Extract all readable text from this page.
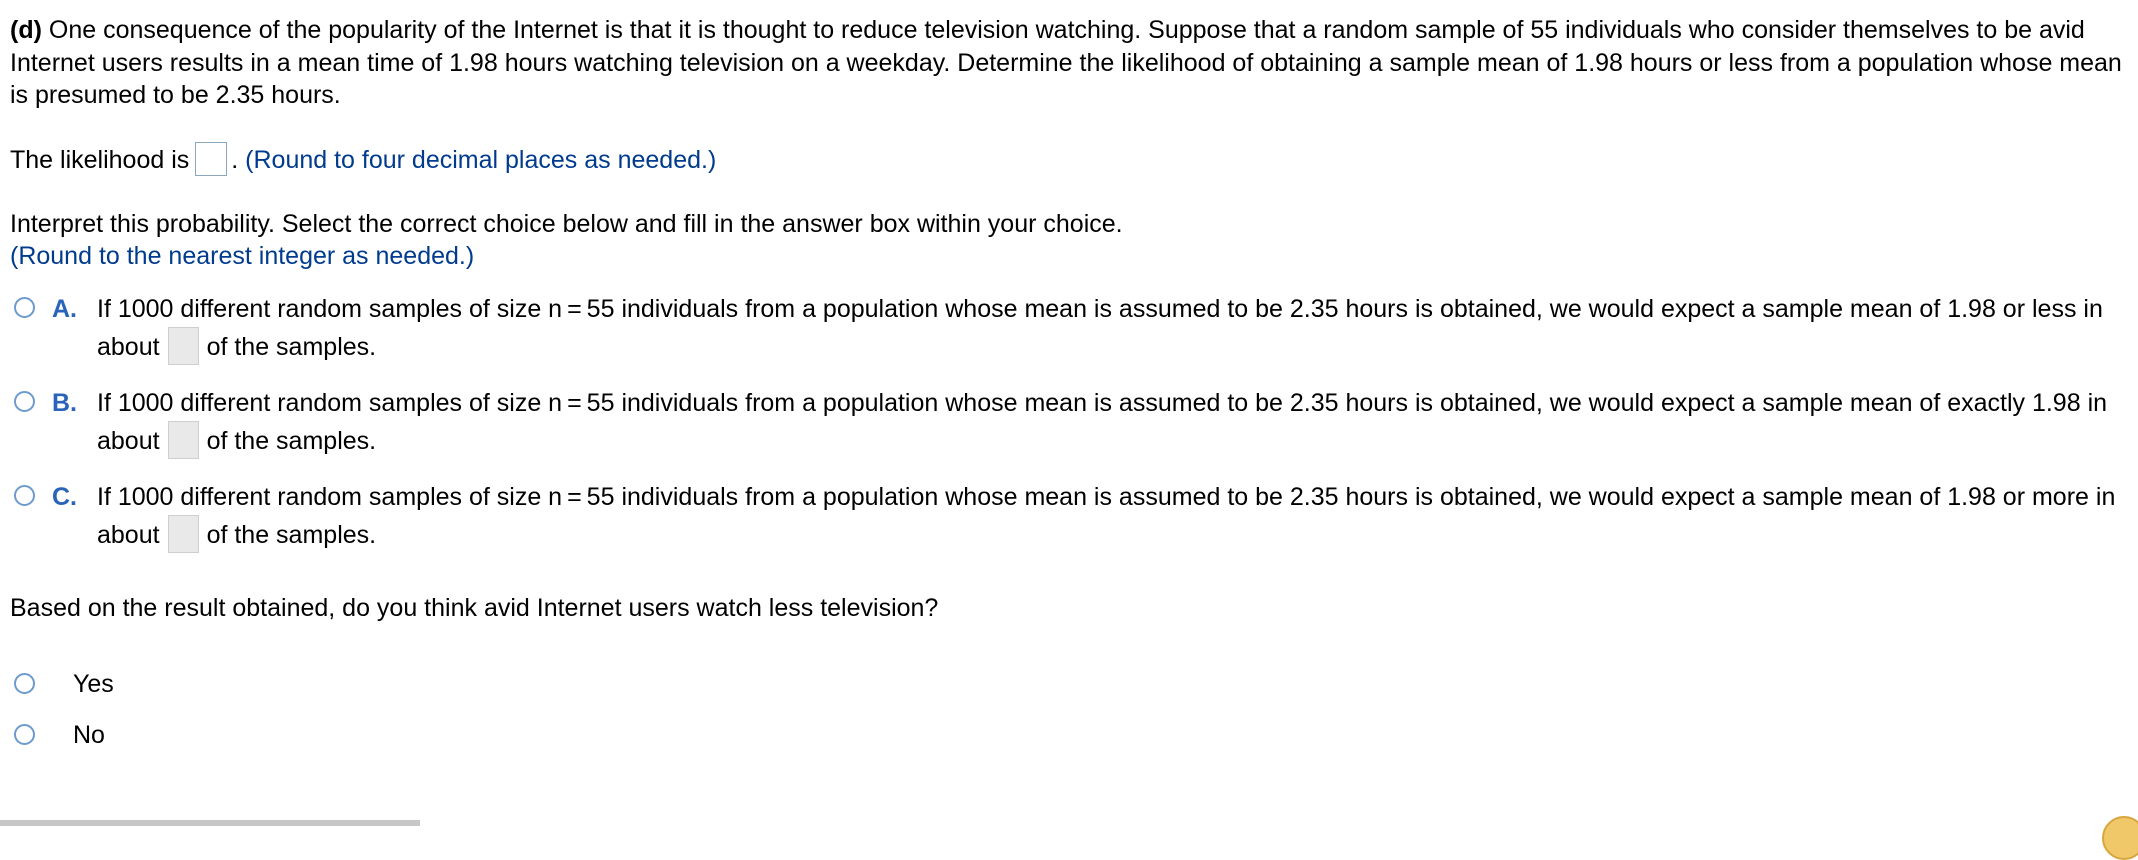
(d) One consequence of the popularity of the Internet is that it is thought to reduce television watching. Suppose that a random sample of 55 individuals who consider themselves to be avid Internet users results in a mean time of 1.98 hours watching television on a weekday. Determine the likelihood of obtaining a sample mean of 1.98 hours or less from a population whose mean is presumed to be 2.35 hours.
The likelihood is . (Round to four decimal places as needed.)
Interpret this probability. Select the correct choice below and fill in the answer box within your choice.
(Round to the nearest integer as needed.)
A. If 1000 different random samples of size n = 55 individuals from a population whose mean is assumed to be 2.35 hours is obtained, we would expect a sample mean of 1.98 or less in about of the samples.
B. If 1000 different random samples of size n = 55 individuals from a population whose mean is assumed to be 2.35 hours is obtained, we would expect a sample mean of exactly 1.98 in about of the samples.
C. If 1000 different random samples of size n = 55 individuals from a population whose mean is assumed to be 2.35 hours is obtained, we would expect a sample mean of 1.98 or more in about of the samples.
Based on the result obtained, do you think avid Internet users watch less television?
Yes
No
